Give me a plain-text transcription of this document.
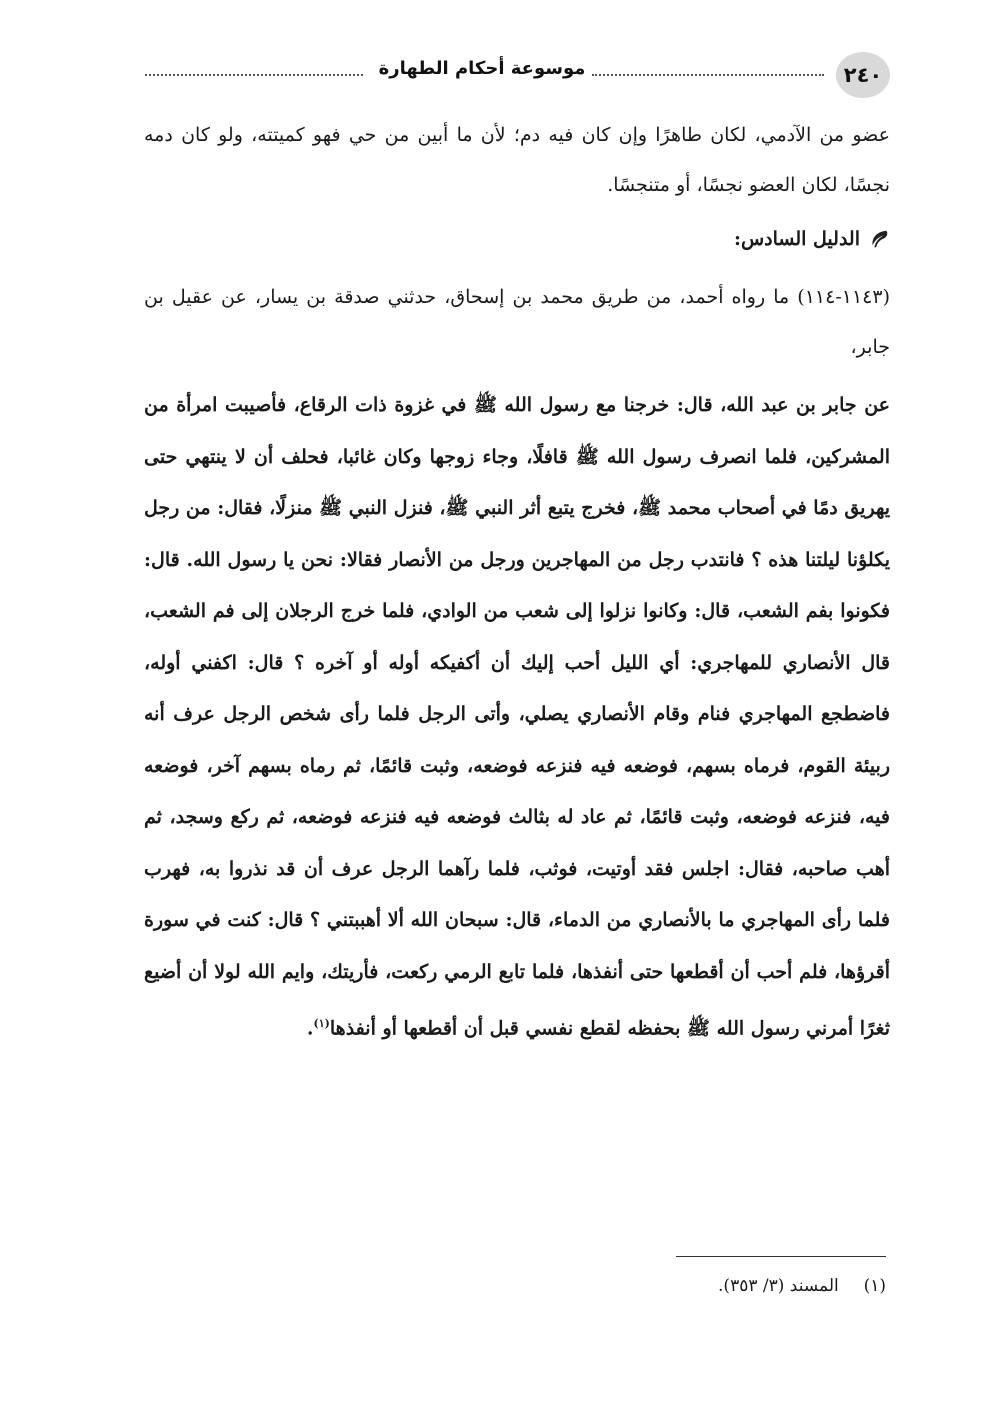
٢٤٠
موسوعة أحكام الطهارة

عضو من الآدمي، لكان طاهرًا وإن كان فيه دم؛ لأن ما أبين من حي فهو كميتته، ولو كان دمه نجسًا، لكان العضو نجسًا، أو متنجسًا.

الدليل السادس:

(١١٤٣-١١٤) ما رواه أحمد، من طريق محمد بن إسحاق، حدثني صدقة بن يسار، عن عقيل بن جابر،

عن جابر بن عبد الله، قال: خرجنا مع رسول الله ﷺ في غزوة ذات الرقاع، فأصيبت امرأة من المشركين، فلما انصرف رسول الله ﷺ قافلًا، وجاء زوجها وكان غائبا، فحلف أن لا ينتهي حتى يهريق دمًا في أصحاب محمد ﷺ، فخرج يتبع أثر النبي ﷺ، فنزل النبي ﷺ منزلًا، فقال: من رجل يكلؤنا ليلتنا هذه ؟ فانتدب رجل من المهاجرين ورجل من الأنصار فقالا: نحن يا رسول الله. قال: فكونوا بفم الشعب، قال: وكانوا نزلوا إلى شعب من الوادي، فلما خرج الرجلان إلى فم الشعب، قال الأنصاري للمهاجري: أي الليل أحب إليك أن أكفيكه أوله أو آخره ؟ قال: اكفني أوله، فاضطجع المهاجري فنام وقام الأنصاري يصلي، وأتى الرجل فلما رأى شخص الرجل عرف أنه ربيئة القوم، فرماه بسهم، فوضعه فيه فنزعه فوضعه، وثبت قائمًا، ثم رماه بسهم آخر، فوضعه فيه، فنزعه فوضعه، وثبت قائمًا، ثم عاد له بثالث فوضعه فيه فنزعه فوضعه، ثم ركع وسجد، ثم أهب صاحبه، فقال: اجلس فقد أوتيت، فوثب، فلما رآهما الرجل عرف أن قد نذروا به، فهرب فلما رأى المهاجري ما بالأنصاري من الدماء، قال: سبحان الله ألا أهببتني ؟ قال: كنت في سورة أقرؤها، فلم أحب أن أقطعها حتى أنفذها، فلما تابع الرمي ركعت، فأريتك، وايم الله لولا أن أضيع ثغرًا أمرني رسول الله ﷺ بحفظه لقطع نفسي قبل أن أقطعها أو أنفذها$^{(١)}$.

(١)  المسند (٣/ ٣٥٣).
